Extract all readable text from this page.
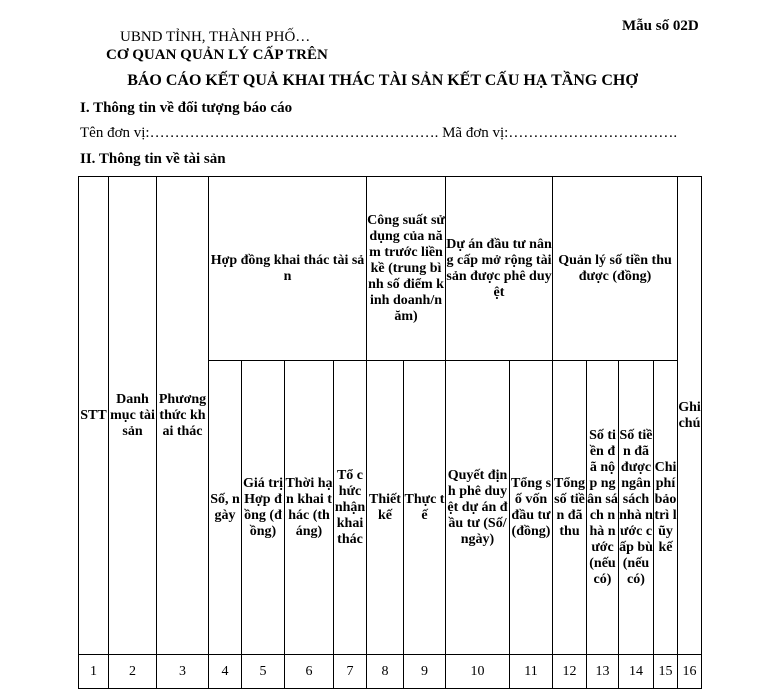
UBND TỈNH, THÀNH PHỐ…
CƠ QUAN QUẢN LÝ CẤP TRÊN
Mẫu số 02D
BÁO CÁO KẾT QUẢ KHAI THÁC TÀI SẢN KẾT CẤU HẠ TẦNG CHỢ
I. Thông tin về đối tượng báo cáo
Tên đơn vị:…………………………………………………. Mã đơn vị:…………………………….
II. Thông tin về tài sản
STT	Danh mục tài sản	Phương thức khai thác	Hợp đồng khai thác tài sản				Công suất sử dụng của năm trước liền kề (trung bình số điểm kinh doanh/năm)		Dự án đầu tư nâng cấp mở rộng tài sản được phê duyệt		Quản lý số tiền thu được (đồng)				Ghi chú

			Số, ngày	Giá trị Hợp đồng (đồng)	Thời hạn khai thác (tháng)	Tổ chức nhận khai thác	Thiết kế	Thực tế	Quyết định phê duyệt dự án đầu tư (Số/ngày)	Tổng số vốn đầu tư (đồng)	Tổng số tiền đã thu	Số tiền đã nộp ngân sách nhà nước (nếu có)	Số tiền đã được ngân sách nhà nước cấp bù (nếu có)	Chi phí bảo trì lũy kế	

1	2	3	4	5	6	7	8	9	10	11	12	13	14	15	16
